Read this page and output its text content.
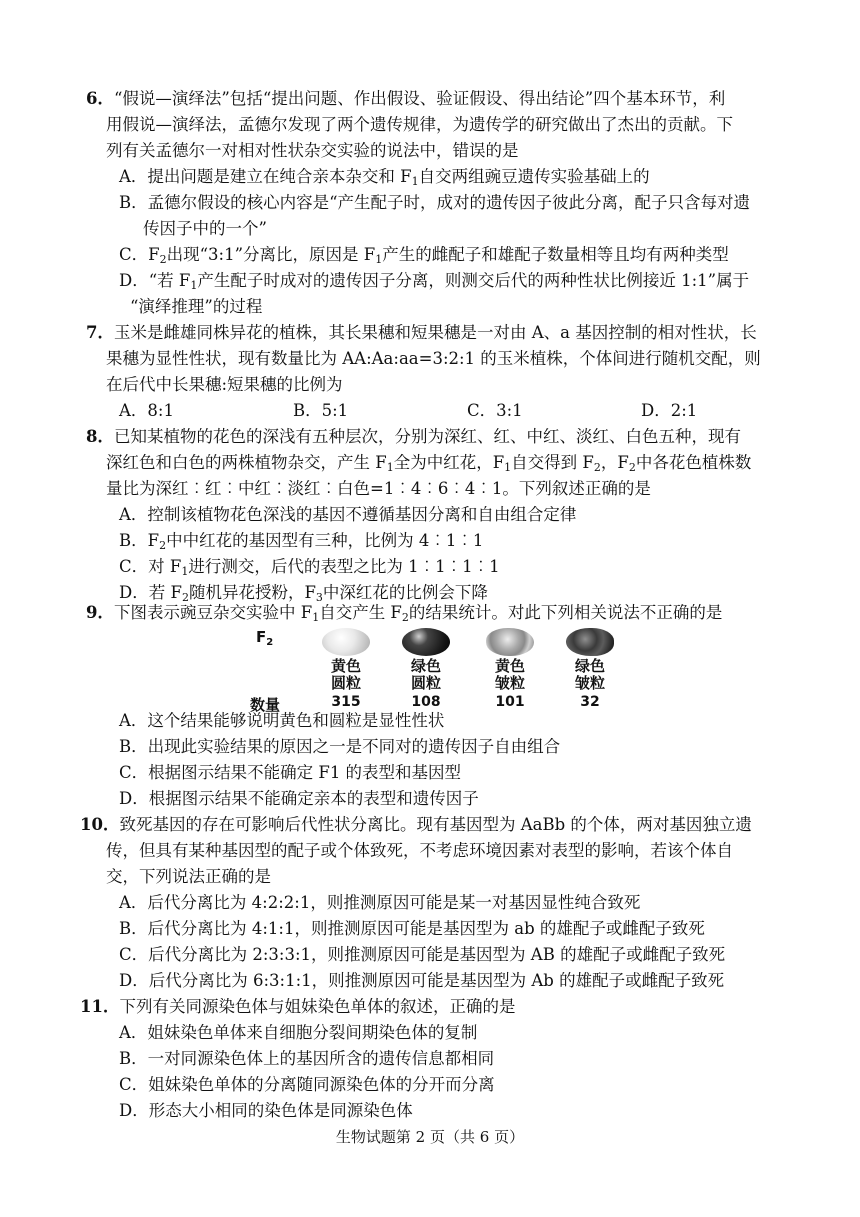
6．“假说—演绎法”包括“提出问题、作出假设、验证假设、得出结论”四个基本环节，利
用假说—演绎法，孟德尔发现了两个遗传规律，为遗传学的研究做出了杰出的贡献。下
列有关孟德尔一对相对性状杂交实验的说法中，错误的是
A．提出问题是建立在纯合亲本杂交和 $F_1$自交两组豌豆遗传实验基础上的
B．孟德尔假设的核心内容是“产生配子时，成对的遗传因子彼此分离，配子只含每对遗
传因子中的一个”
C．$F_2$出现“3:1”分离比，原因是 $F_1$产生的雌配子和雄配子数量相等且均有两种类型
D．“若 $F_1$产生配子时成对的遗传因子分离，则测交后代的两种性状比例接近 1:1”属于
“演绎推理”的过程
7．玉米是雌雄同株异花的植株，其长果穗和短果穗是一对由 A、a 基因控制的相对性状，长
果穗为显性性状，现有数量比为 AA:Aa:aa=3:2:1 的玉米植株，个体间进行随机交配，则
在后代中长果穗:短果穗的比例为
A．8:1	B．5:1	C．3:1	D．2:1
8．已知某植物的花色的深浅有五种层次，分别为深红、红、中红、淡红、白色五种，现有
深红色和白色的两株植物杂交，产生 $F_1$全为中红花，$F_1$自交得到 $F_2$，$F_2$中各花色植株数
量比为深红︰红︰中红︰淡红︰白色=1︰4︰6︰4︰1。下列叙述正确的是
A．控制该植物花色深浅的基因不遵循基因分离和自由组合定律
B．$F_2$中中红花的基因型有三种，比例为 4︰1︰1
C．对 $F_1$进行测交，后代的表型之比为 1︰1︰1︰1
D．若 $F_2$随机异花授粉，$F_3$中深红花的比例会下降
9．下图表示豌豆杂交实验中 $F_1$自交产生 $F_2$的结果统计。对此下列相关说法不正确的是
$F_2$
黄色
圆粒
绿色
圆粒
黄色
皱粒
绿色
皱粒
数量	315	108	101	32
A．这个结果能够说明黄色和圆粒是显性性状
B．出现此实验结果的原因之一是不同对的遗传因子自由组合
C．根据图示结果不能确定 F1 的表型和基因型
D．根据图示结果不能确定亲本的表型和遗传因子
10．致死基因的存在可影响后代性状分离比。现有基因型为 AaBb 的个体，两对基因独立遗
传，但具有某种基因型的配子或个体致死，不考虑环境因素对表型的影响，若该个体自
交，下列说法正确的是
A．后代分离比为 4:2:2:1，则推测原因可能是某一对基因显性纯合致死
B．后代分离比为 4:1:1，则推测原因可能是基因型为 ab 的雄配子或雌配子致死
C．后代分离比为 2:3:3:1，则推测原因可能是基因型为 AB 的雄配子或雌配子致死
D．后代分离比为 6:3:1:1，则推测原因可能是基因型为 Ab 的雄配子或雌配子致死
11．下列有关同源染色体与姐妹染色单体的叙述，正确的是
A．姐妹染色单体来自细胞分裂间期染色体的复制
B．一对同源染色体上的基因所含的遗传信息都相同
C．姐妹染色单体的分离随同源染色体的分开而分离
D．形态大小相同的染色体是同源染色体
生物试题第 2 页（共 6 页）
